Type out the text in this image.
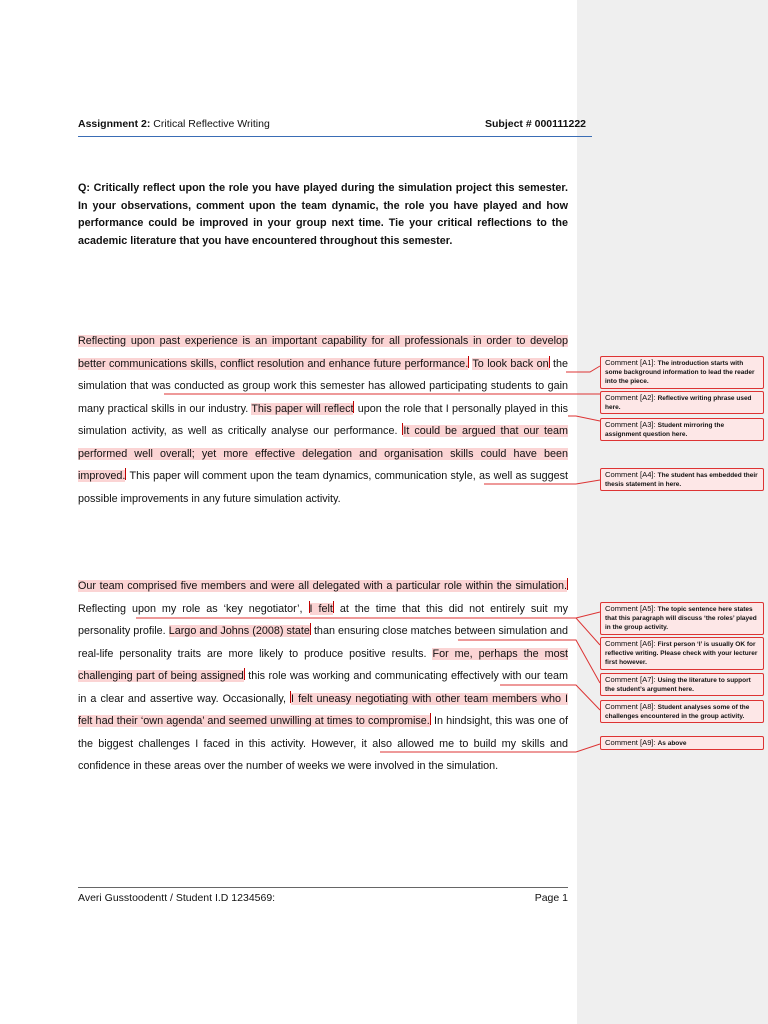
Assignment 2: Critical Reflective Writing	Subject # 000111222
Q: Critically reflect upon the role you have played during the simulation project this semester. In your observations, comment upon the team dynamic, the role you have played and how performance could be improved in your group next time. Tie your critical reflections to the academic literature that you have encountered throughout this semester.
Reflecting upon past experience is an important capability for all professionals in order to develop better communications skills, conflict resolution and enhance future performance. To look back on the simulation that was conducted as group work this semester has allowed participating students to gain many practical skills in our industry. This paper will reflect upon the role that I personally played in this simulation activity, as well as critically analyse our performance. It could be argued that our team performed well overall; yet more effective delegation and organisation skills could have been improved. This paper will comment upon the team dynamics, communication style, as well as suggest possible improvements in any future simulation activity.
Our team comprised five members and were all delegated with a particular role within the simulation. Reflecting upon my role as ‘key negotiator’, I felt at the time that this did not entirely suit my personality profile. Largo and Johns (2008) state than ensuring close matches between simulation and real-life personality traits are more likely to produce positive results. For me, perhaps the most challenging part of being assigned this role was working and communicating effectively with our team in a clear and assertive way. Occasionally, I felt uneasy negotiating with other team members who I felt had their ‘own agenda’ and seemed unwilling at times to compromise. In hindsight, this was one of the biggest challenges I faced in this activity. However, it also allowed me to build my skills and confidence in these areas over the number of weeks we were involved in the simulation.
Comment [A1]: The introduction starts with some background information to lead the reader into the piece.
Comment [A2]: Reflective writing phrase used here.
Comment [A3]: Student mirroring the assignment question here.
Comment [A4]: The student has embedded their thesis statement in here.
Comment [A5]: The topic sentence here states that this paragraph will discuss ‘the roles’ played in the group activity.
Comment [A6]: First person ‘I’ is usually OK for reflective writing. Please check with your lecturer first however.
Comment [A7]: Using the literature to support the student’s argument here.
Comment [A8]: Student analyses some of the challenges encountered in the group activity.
Comment [A9]: As above
Averi Gusstoodentt / Student I.D 1234569:	Page 1
